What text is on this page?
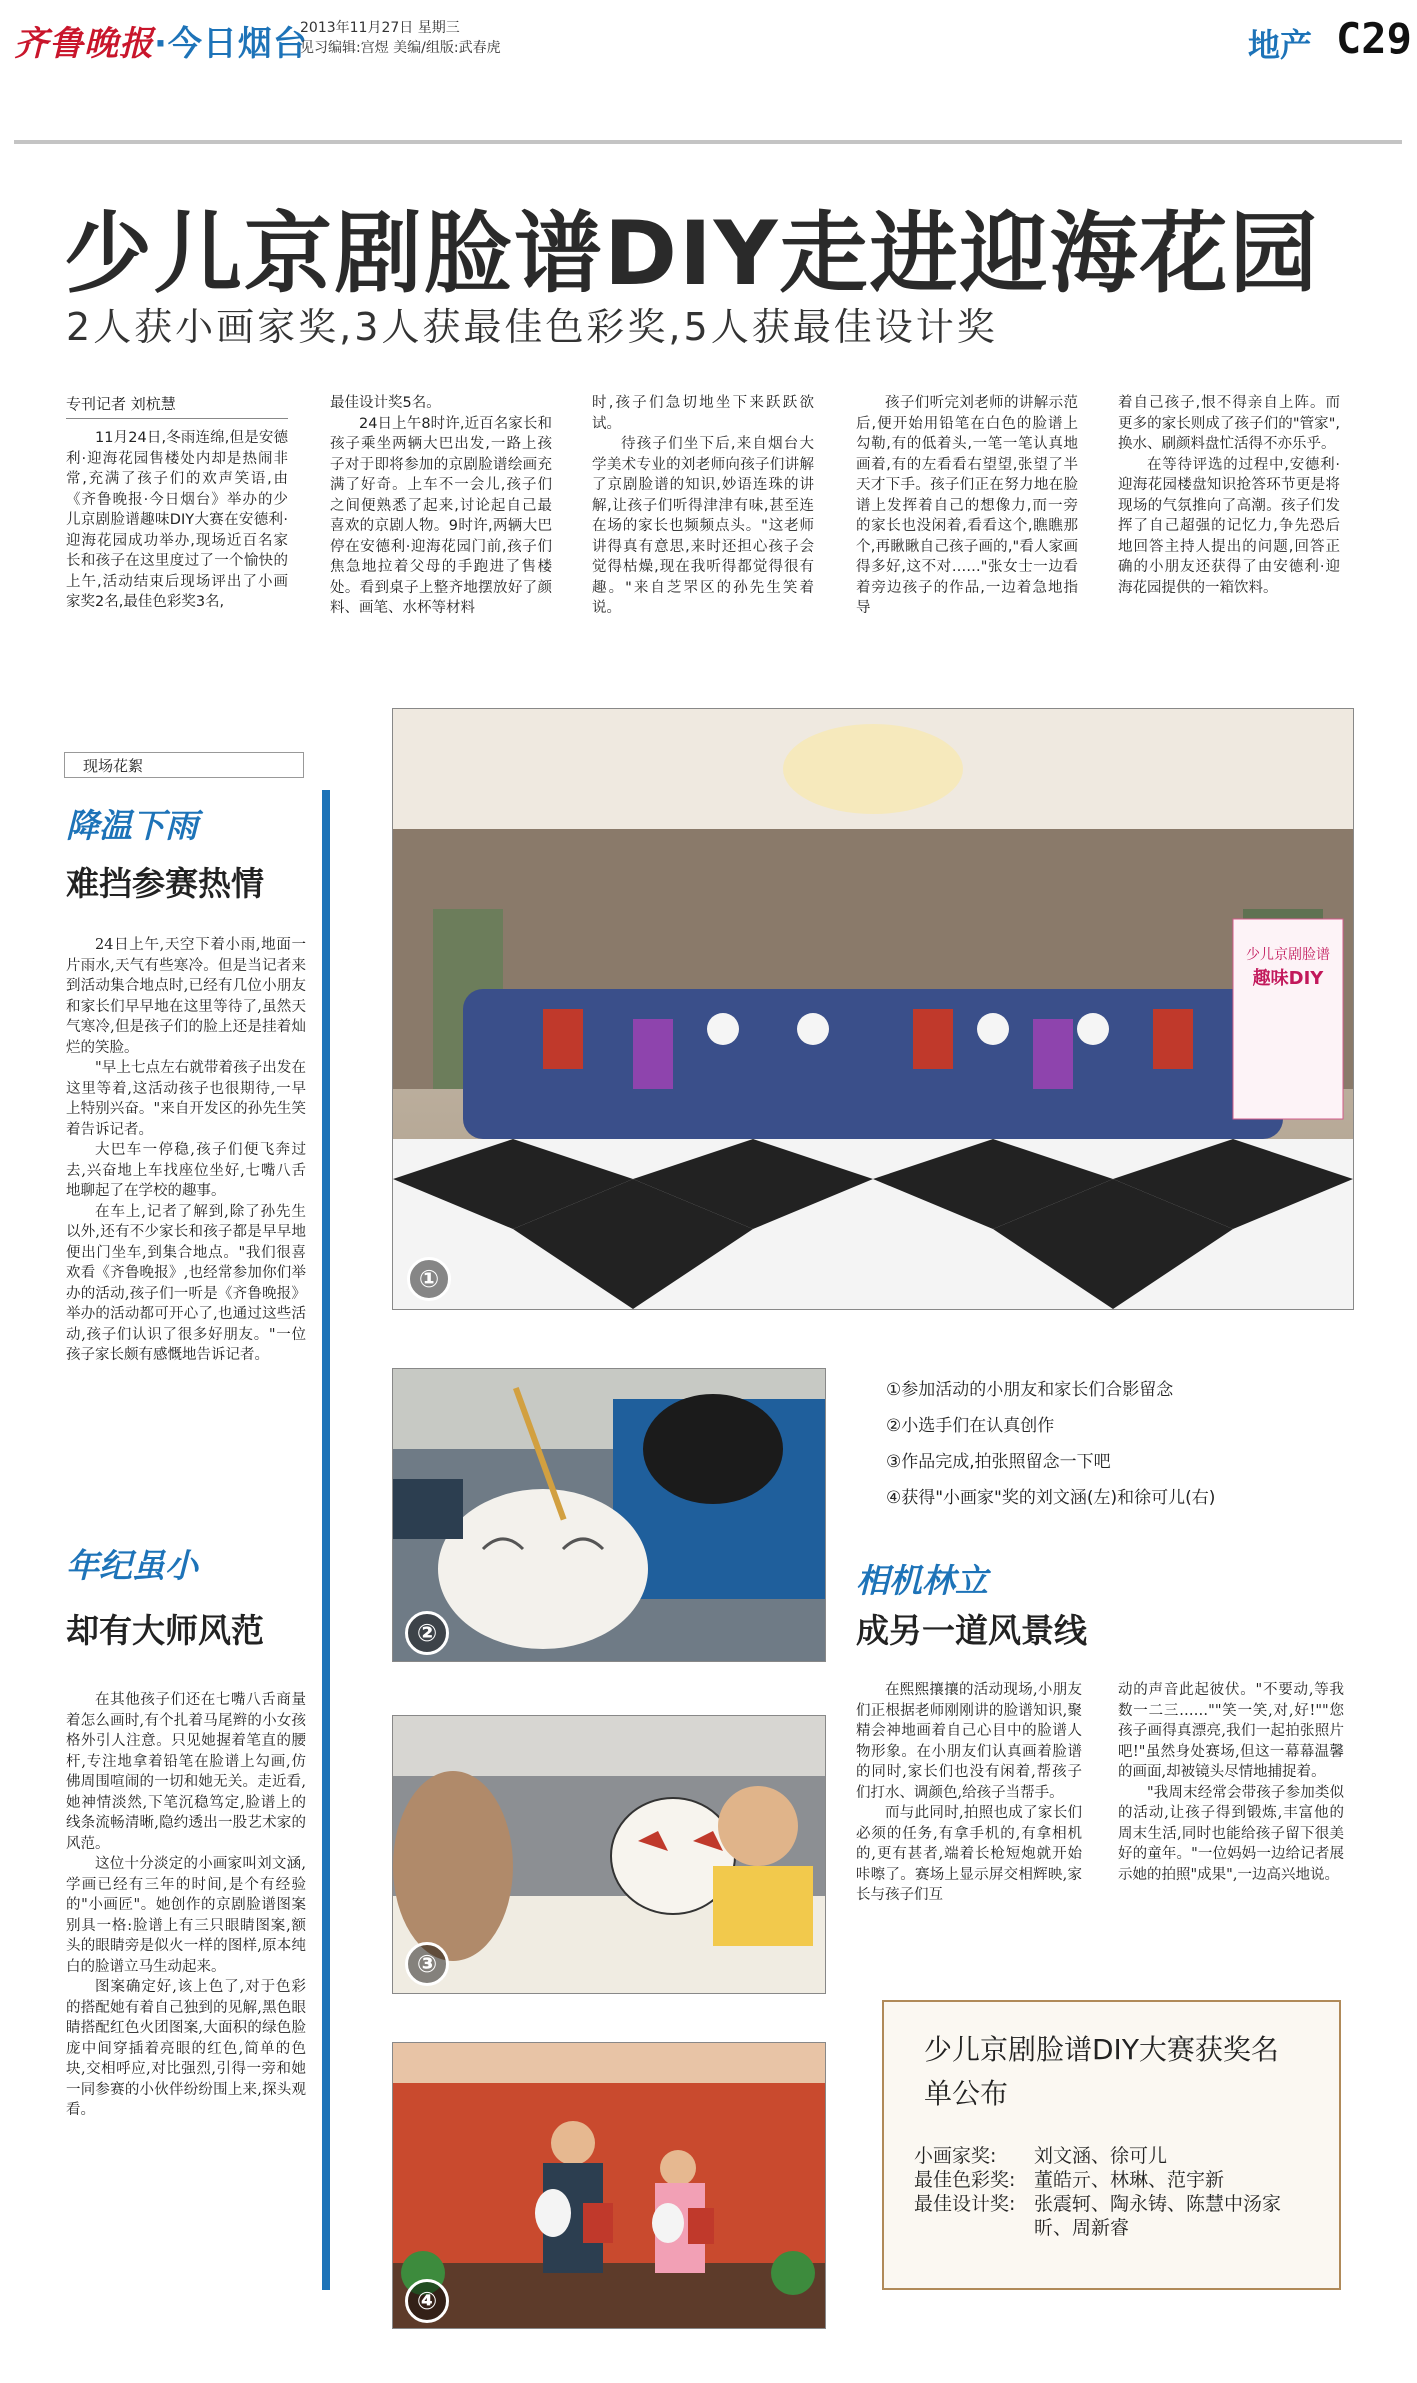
齐鲁晚报·今日烟台
2013年11月27日 星期三
见习编辑:宫煜 美编/组版:武春虎	地产 C29
少儿京剧脸谱DIY走进迎海花园
2人获小画家奖,3人获最佳色彩奖,5人获最佳设计奖
专刊记者 刘杭慧

11月24日,冬雨连绵,但是安德利·迎海花园售楼处内却是热闹非常,充满了孩子们的欢声笑语,由《齐鲁晚报·今日烟台》举办的少儿京剧脸谱趣味DIY大赛在安德利·迎海花园成功举办,现场近百名家长和孩子在这里度过了一个愉快的上午,活动结束后现场评出了小画家奖2名,最佳色彩奖3名,

最佳设计奖5名。

24日上午8时许,近百名家长和孩子乘坐两辆大巴出发,一路上孩子对于即将参加的京剧脸谱绘画充满了好奇。上车不一会儿,孩子们之间便熟悉了起来,讨论起自己最喜欢的京剧人物。9时许,两辆大巴停在安德利·迎海花园门前,孩子们焦急地拉着父母的手跑进了售楼处。看到桌子上整齐地摆放好了颜料、画笔、水杯等材料

时,孩子们急切地坐下来跃跃欲试。

待孩子们坐下后,来自烟台大学美术专业的刘老师向孩子们讲解了京剧脸谱的知识,妙语连珠的讲解,让孩子们听得津津有味,甚至连在场的家长也频频点头。"这老师讲得真有意思,来时还担心孩子会觉得枯燥,现在我听得都觉得很有趣。"来自芝罘区的孙先生笑着说。

孩子们听完刘老师的讲解示范后,便开始用铅笔在白色的脸谱上勾勒,有的低着头,一笔一笔认真地画着,有的左看看右望望,张望了半天才下手。孩子们正在努力地在脸谱上发挥着自己的想像力,而一旁的家长也没闲着,看看这个,瞧瞧那个,再瞅瞅自己孩子画的,"看人家画得多好,这不对……"张女士一边看着旁边孩子的作品,一边着急地指导

着自己孩子,恨不得亲自上阵。而更多的家长则成了孩子们的"管家",换水、刷颜料盘忙活得不亦乐乎。

在等待评选的过程中,安德利·迎海花园楼盘知识抢答环节更是将现场的气氛推向了高潮。孩子们发挥了自己超强的记忆力,争先恐后地回答主持人提出的问题,回答正确的小朋友还获得了由安德利·迎海花园提供的一箱饮料。

现场花絮
降温下雨
难挡参赛热情

24日上午,天空下着小雨,地面一片雨水,天气有些寒冷。但是当记者来到活动集合地点时,已经有几位小朋友和家长们早早地在这里等待了,虽然天气寒冷,但是孩子们的脸上还是挂着灿烂的笑脸。

"早上七点左右就带着孩子出发在这里等着,这活动孩子也很期待,一早上特别兴奋。"来自开发区的孙先生笑着告诉记者。

大巴车一停稳,孩子们便飞奔过去,兴奋地上车找座位坐好,七嘴八舌地聊起了在学校的趣事。

在车上,记者了解到,除了孙先生以外,还有不少家长和孩子都是早早地便出门坐车,到集合地点。"我们很喜欢看《齐鲁晚报》,也经常参加你们举办的活动,孩子们一听是《齐鲁晚报》举办的活动都可开心了,也通过这些活动,孩子们认识了很多好朋友。"一位孩子家长颇有感慨地告诉记者。

年纪虽小
却有大师风范

在其他孩子们还在七嘴八舌商量着怎么画时,有个扎着马尾辫的小女孩格外引人注意。只见她握着笔直的腰杆,专注地拿着铅笔在脸谱上勾画,仿佛周围喧闹的一切和她无关。走近看,她神情淡然,下笔沉稳笃定,脸谱上的线条流畅清晰,隐约透出一股艺术家的风范。

这位十分淡定的小画家叫刘文涵,学画已经有三年的时间,是个有经验的"小画匠"。她创作的京剧脸谱图案别具一格:脸谱上有三只眼睛图案,额头的眼睛旁是似火一样的图样,原本纯白的脸谱立马生动起来。

图案确定好,该上色了,对于色彩的搭配她有着自己独到的见解,黑色眼睛搭配红色火团图案,大面积的绿色脸庞中间穿插着亮眼的红色,简单的色块,交相呼应,对比强烈,引得一旁和她一同参赛的小伙伴纷纷围上来,探头观看。

少儿京剧脸谱
趣味DIY
①
②
③
④
①参加活动的小朋友和家长们合影留念
②小选手们在认真创作
③作品完成,拍张照留念一下吧
④获得"小画家"奖的刘文涵(左)和徐可儿(右)
相机林立
成另一道风景线

在熙熙攘攘的活动现场,小朋友们正根据老师刚刚讲的脸谱知识,聚精会神地画着自己心目中的脸谱人物形象。在小朋友们认真画着脸谱的同时,家长们也没有闲着,帮孩子们打水、调颜色,给孩子当帮手。

而与此同时,拍照也成了家长们必须的任务,有拿手机的,有拿相机的,更有甚者,端着长枪短炮就开始咔嚓了。赛场上显示屏交相辉映,家长与孩子们互

动的声音此起彼伏。"不要动,等我数一二三……""笑一笑,对,好!""您孩子画得真漂亮,我们一起拍张照片吧!"虽然身处赛场,但这一幕幕温馨的画面,却被镜头尽情地捕捉着。

"我周末经常会带孩子参加类似的活动,让孩子得到锻炼,丰富他的周末生活,同时也能给孩子留下很美好的童年。"一位妈妈一边给记者展示她的拍照"成果",一边高兴地说。

少儿京剧脸谱DIY大赛获奖名单公布
小画家奖: 刘文涵、徐可儿
最佳色彩奖: 董皓亓、林琳、范宇新
最佳设计奖: 张震轲、陶永铸、陈慧中汤家昕、周新睿
